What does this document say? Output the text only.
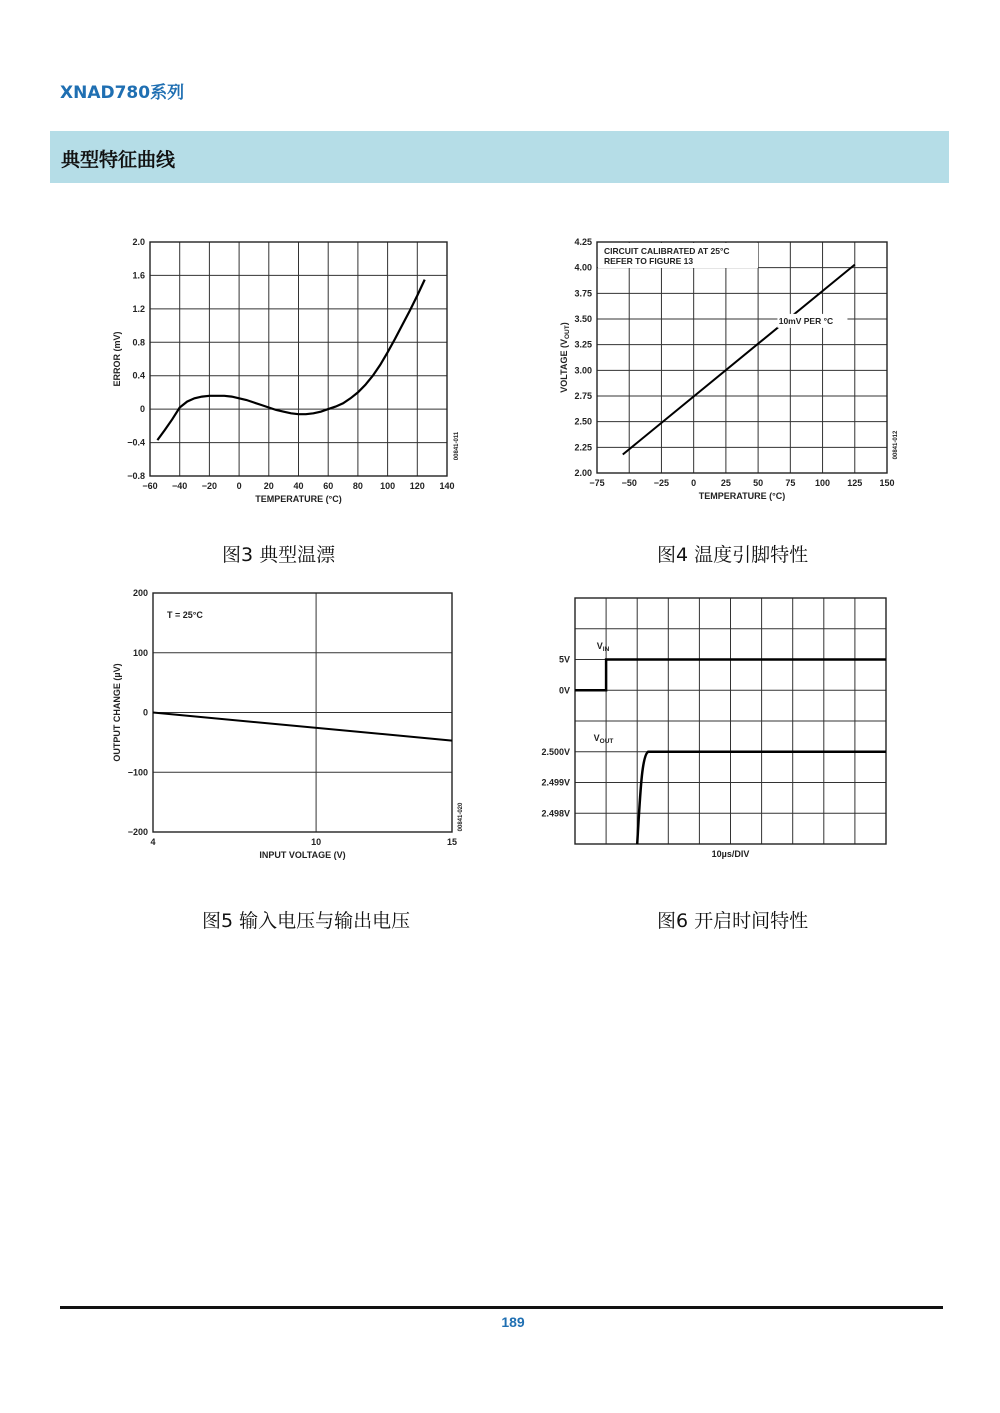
XNAD780系列
典型特征曲线
−60 −40 −20 0 20 40 60 80 100 120 140
2.0
1.6
1.2
0.8
0.4
0
−0.4
−0.8
TEMPERATURE (°C)
ERROR (mV)
00841-011
图3 典型温漂
CIRCUIT CALIBRATED AT 25°C
REFER TO FIGURE 13
−75 −50 −25 0	25 50 75 100 125 150
4.25
4.00
3.75
3.50
3.25
3.00
2.75
2.50
2.25
2.00
TEMPERATURE (°C)
VOLTAGE $(V_{OUT})$
00841-012
10mV PER °C
图4 温度引脚特性
4	10	15
200
100
0
−100
−200
INPUT VOLTAGE (V)
OUTPUT CHANGE (µV)
T = 25°C
00841-020
图5 输入电压与输出电压
5V
0V
2.500V
2.499V
2.498V
10µs/DIV
$V_{IN}$
$V_{OUT}$
图6 开启时间特性
189
